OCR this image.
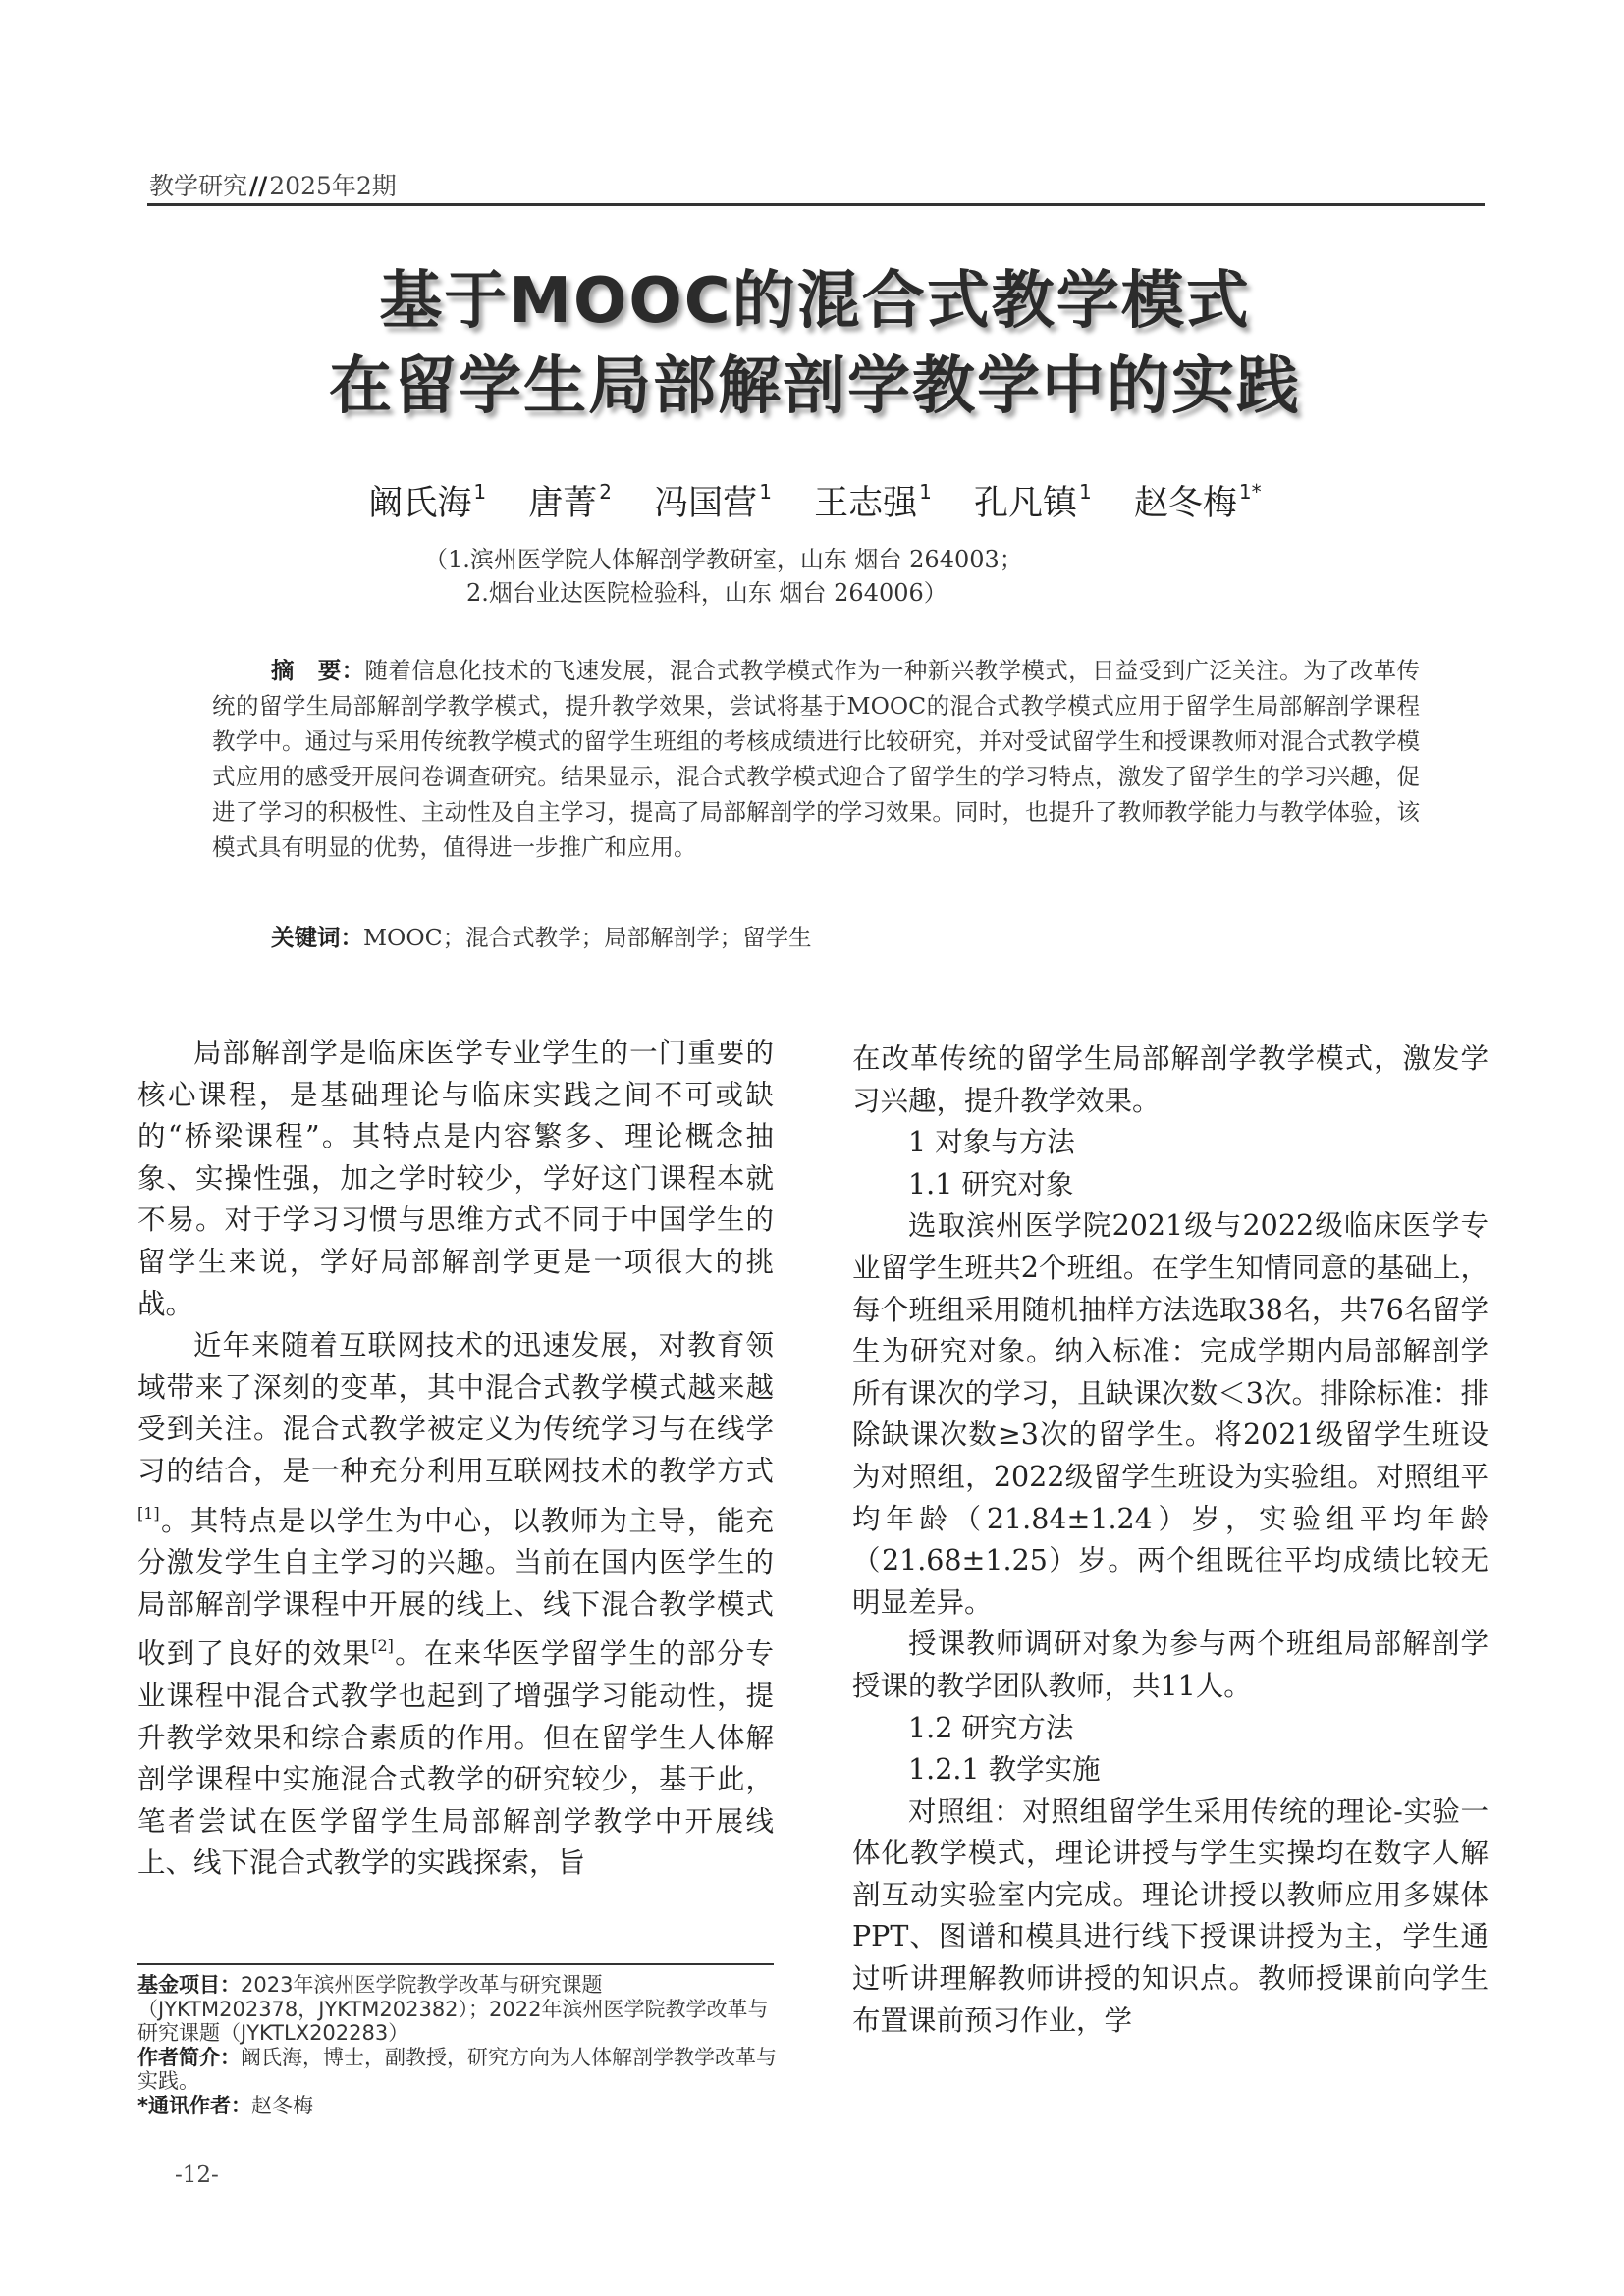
教学研究//2025年2期
基于MOOC的混合式教学模式
在留学生局部解剖学教学中的实践
阚氏海 $^1$ 唐菁 $^2$ 冯国营 $^1$ 王志强 $^1$ 孔凡镇 $^1$ 赵冬梅 $^{1*}$
（1.滨州医学院人体解剖学教研室，山东 烟台 264003；
2.烟台业达医院检验科，山东 烟台 264006）
摘　要：随着信息化技术的飞速发展，混合式教学模式作为一种新兴教学模式，日益受到广泛关注。为了改革传统的留学生局部解剖学教学模式，提升教学效果，尝试将基于MOOC的混合式教学模式应用于留学生局部解剖学课程教学中。通过与采用传统教学模式的留学生班组的考核成绩进行比较研究，并对受试留学生和授课教师对混合式教学模式应用的感受开展问卷调查研究。结果显示，混合式教学模式迎合了留学生的学习特点，激发了留学生的学习兴趣，促进了学习的积极性、主动性及自主学习，提高了局部解剖学的学习效果。同时，也提升了教师教学能力与教学体验，该模式具有明显的优势，值得进一步推广和应用。
关键词：MOOC；混合式教学；局部解剖学；留学生

局部解剖学是临床医学专业学生的一门重要的核心课程，是基础理论与临床实践之间不可或缺的“桥梁课程”。其特点是内容繁多、理论概念抽象、实操性强，加之学时较少，学好这门课程本就不易。对于学习习惯与思维方式不同于中国学生的留学生来说，学好局部解剖学更是一项很大的挑战。

近年来随着互联网技术的迅速发展，对教育领域带来了深刻的变革，其中混合式教学模式越来越受到关注。混合式教学被定义为传统学习与在线学习的结合，是一种充分利用互联网技术的教学方式[1]。其特点是以学生为中心，以教师为主导，能充分激发学生自主学习的兴趣。当前在国内医学生的局部解剖学课程中开展的线上、线下混合教学模式收到了良好的效果[2]。在来华医学留学生的部分专业课程中混合式教学也起到了增强学习能动性，提升教学效果和综合素质的作用。但在留学生人体解剖学课程中实施混合式教学的研究较少，基于此，笔者尝试在医学留学生局部解剖学教学中开展线上、线下混合式教学的实践探索，旨

在改革传统的留学生局部解剖学教学模式，激发学习兴趣，提升教学效果。

1 对象与方法
1.1 研究对象

选取滨州医学院2021级与2022级临床医学专业留学生班共2个班组。在学生知情同意的基础上，每个班组采用随机抽样方法选取38名，共76名留学生为研究对象。纳入标准：完成学期内局部解剖学所有课次的学习，且缺课次数＜3次。排除标准：排除缺课次数≥3次的留学生。将2021级留学生班设为对照组，2022级留学生班设为实验组。对照组平均年龄（21.84±1.24）岁，实验组平均年龄（21.68±1.25）岁。两个组既往平均成绩比较无明显差异。

授课教师调研对象为参与两个班组局部解剖学授课的教学团队教师，共11人。

1.2 研究方法
1.2.1 教学实施

对照组：对照组留学生采用传统的理论-实验一体化教学模式，理论讲授与学生实操均在数字人解剖互动实验室内完成。理论讲授以教师应用多媒体 PPT、图谱和模具进行线下授课讲授为主，学生通过听讲理解教师讲授的知识点。教师授课前向学生布置课前预习作业，学

基金项目：2023年滨州医学院教学改革与研究课题（JYKTM202378，JYKTM202382）；2022年滨州医学院教学改革与研究课题（JYKTLX202283）
作者简介：阚氏海，博士，副教授，研究方向为人体解剖学教学改革与实践。
*通讯作者：赵冬梅
-12-
